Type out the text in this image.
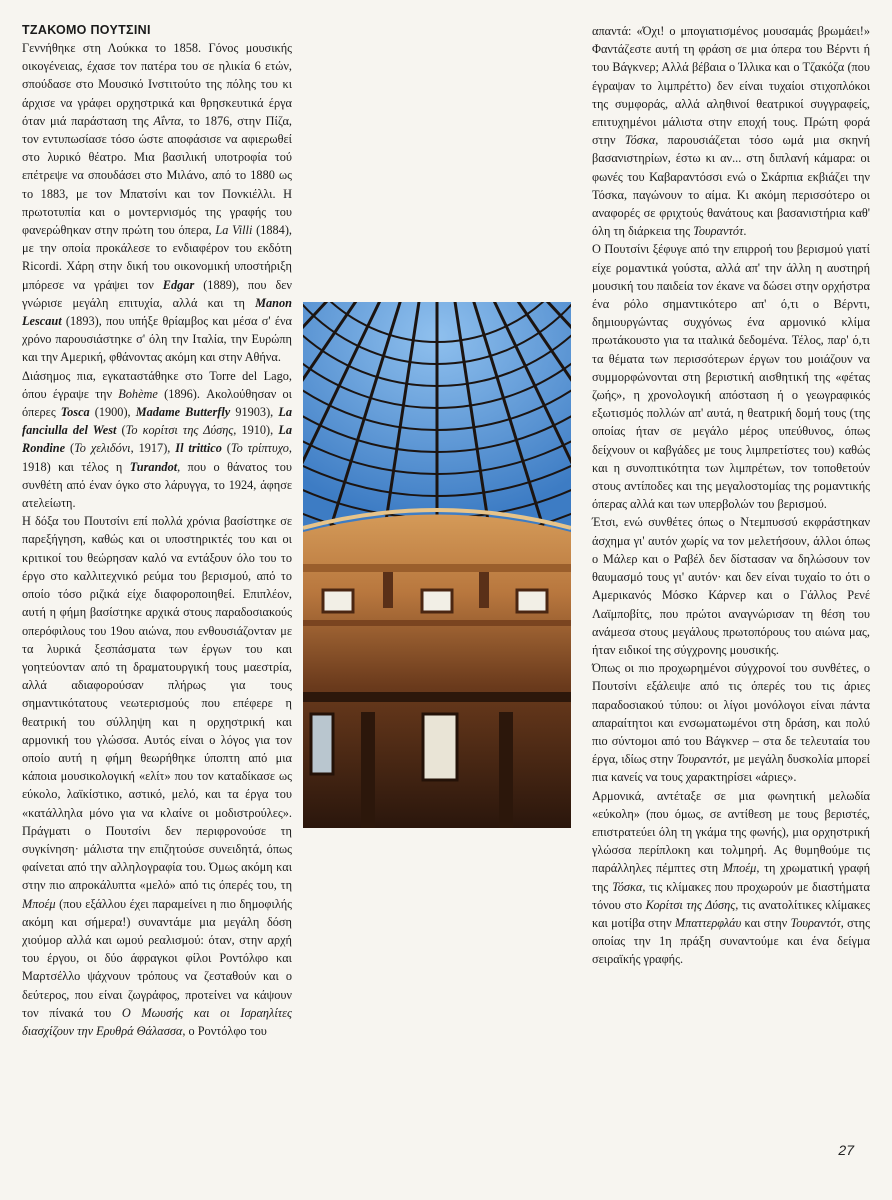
ΤΖΑΚΟΜΟ ΠΟΥΤΣΙΝΙ

Γεννήθηκε στη Λούκκα το 1858. Γόνος μουσικής οικογένειας, έχασε τον πατέρα του σε ηλικία 6 ετών, σπούδασε στο Μουσικό Ινστιτούτο της πόλης του κι άρχισε να γράφει ορχηστρικά και θρησκευτικά έργα όταν μιά παράσταση της Aΐντα, το 1876, στην Πίζα, τον εντυπωσίασε τόσο ώστε αποφάσισε να αφιερωθεί στο λυρικό θέατρο. Μια βασιλική υποτροφία τού επέτρεψε να σπουδάσει στο Μιλάνο, από το 1880 ως το 1883, με τον Μπατσίνι και τον Πονκιέλλι. Η πρωτοτυπία και ο μοντερνισμός της γραφής του φανερώθηκαν στην πρώτη του όπερα, La Villi (1884), με την οποία προκάλεσε το ενδιαφέρον του εκδότη Ricordi. Χάρη στην δική του οικονομική υποστήριξη μπόρεσε να γράψει τον Edgar (1889), που δεν γνώρισε μεγάλη επιτυχία, αλλά και τη Manon Lescaut (1893), που υπήξε θρίαμβος και μέσα σ' ένα χρόνο παρουσιάστηκε σ' όλη την Ιταλία, την Ευρώπη και την Αμερική, φθάνοντας ακόμη και στην Αθήνα.

Διάσημος πια, εγκαταστάθηκε στο Torre del Lago, όπου έγραψε την Bohème (1896). Ακολούθησαν οι όπερες Tosca (1900), Madame Butterfly 91903), La fanciulla del West (Το κορίτσι της Δύσης, 1910), La Rondine (Το χελιδόνι, 1917), Il trittico (Το τρίπτυχο, 1918) και τέλος η Turandot, που ο θάνατος του συνθέτη από έναν όγκο στο λάρυγγα, το 1924, άφησε ατελείωτη.

Η δόξα του Πουτσίνι επί πολλά χρόνια βασίστηκε σε παρεξήγηση, καθώς και οι υποστηρικτές του και οι κριτικοί του θεώρησαν καλό να εντάξουν όλο του το έργο στο καλλιτεχνικό ρεύμα του βερισμού, από το οποίο τόσο ριζικά είχε διαφοροποιηθεί. Επιπλέον, αυτή η φήμη βασίστηκε αρχικά στους παραδοσιακούς οπερόφιλους του 19ου αιώνα, που ενθουσιάζονταν με τα λυρικά ξεσπάσματα των έργων του και γοητεύονταν από τη δραματουργική τους μαεστρία, αλλά αδιαφορούσαν πλήρως για τους σημαντικότατους νεωτερισμούς που επέφερε η θεατρική του σύλληψη και η ορχηστρική και αρμονική του γλώσσα. Αυτός είναι ο λόγος για τον οποίο αυτή η φήμη θεωρήθηκε ύποπτη από μια κάποια μουσικολογική «ελίτ» που τον καταδίκασε ως εύκολο, λαϊκίστικο, αστικό, μελό, και τα έργα του «κατάλληλα μόνο για να κλαίνε οι μοδιστρούλες». Πράγματι ο Πουτσίνι δεν περιφρονούσε τη συγκίνηση· μάλιστα την επιζητούσε συνειδητά, όπως φαίνεται από την αλληλογραφία του. Όμως ακόμη και στην πιο απροκάλυπτα «μελό» από τις όπερές του, τη Μποέμ (που εξάλλου έχει παραμείνει η πιο δημοφιλής ακόμη και σήμερα!) συναντάμε μια μεγάλη δόση χιούμορ αλλά και ωμού ρεαλισμού: όταν, στην αρχή του έργου, οι δύο άφραγκοι φίλοι Ροντόλφο και Μαρτσέλλο ψάχνουν τρόπους να ζεσταθούν και ο δεύτερος, που είναι ζωγράφος, προτείνει να κάψουν τον πίνακά του Ο Μωυσής και οι Ισραηλίτες διασχίζουν την Ερυθρά Θάλασσα, ο Ροντόλφο του

απαντά: «Όχι! ο μπογιατισμένος μουσαμάς βρωμάει!» Φαντάζεστε αυτή τη φράση σε μια όπερα του Βέρντι ή του Βάγκνερ; Αλλά βέβαια ο Ίλλικα και ο Τζακόζα (που έγραψαν το λιμπρέττο) δεν είναι τυχαίοι στιχοπλόκοι της συμφοράς, αλλά αληθινοί θεατρικοί συγγραφείς, επιτυχημένοι μάλιστα στην εποχή τους. Πρώτη φορά στην Τόσκα, παρουσιάζεται τόσο ωμά μια σκηνή βασανιστηρίων, έστω κι αν... στη διπλανή κάμαρα: οι φωνές του Καβαραντόσσι ενώ ο Σκάρπια εκβιάζει την Τόσκα, παγώνουν το αίμα. Κι ακόμη περισσότερο οι αναφορές σε φριχτούς θανάτους και βασανιστήρια καθ' όλη τη διάρκεια της Τουραντότ.

Ο Πουτσίνι ξέφυγε από την επιρροή του βερισμού γιατί είχε ρομαντικά γούστα, αλλά απ' την άλλη η αυστηρή μουσική του παιδεία τον έκανε να δώσει στην ορχήστρα ένα ρόλο σημαντικότερο απ' ό,τι ο Βέρντι, δημιουργώντας συχγόνως ένα αρμονικό κλίμα πρωτάκουστο για τα ιταλικά δεδομένα. Τέλος, παρ' ό,τι τα θέματα των περισσότερων έργων του μοιάζουν να συμμορφώνονται στη βεριστική αισθητική της «φέτας ζωής», η χρονολογική απόσταση ή ο γεωγραφικός εξωτισμός πολλών απ' αυτά, η θεατρική δομή τους (της οποίας ήταν σε μεγάλο μέρος υπεύθυνος, όπως δείχνουν οι καβγάδες με τους λιμπρετίστες του) καθώς και η συνοπτικότητα των λιμπρέτων, τον τοποθετούν στους αντίποδες και της μεγαλοστομίας της ρομαντικής όπερας αλλά και των υπερβολών του βερισμού.

Έτσι, ενώ συνθέτες όπως ο Ντεμπυσσύ εκφράστηκαν άσχημα γι' αυτόν χωρίς να τον μελετήσουν, άλλοι όπως ο Μάλερ και ο Ραβέλ δεν δίστασαν να δηλώσουν τον θαυμασμό τους γι' αυτόν· και δεν είναι τυχαίο το ότι ο Αμερικανός Μόσκο Κάρνερ και ο Γάλλος Ρενέ Λαϊμποβίτς, που πρώτοι αναγνώρισαν τη θέση του ανάμεσα στους μεγάλους πρωτοπόρους του αιώνα μας, ήταν ειδικοί της σύγχρονης μουσικής.

Όπως οι πιο προχωρημένοι σύγχρονοί του συνθέτες, ο Πουτσίνι εξάλειψε από τις όπερές του τις άριες παραδοσιακού τύπου: οι λίγοι μονόλογοι είναι πάντα απαραίτητοι και ενσωματωμένοι στη δράση, και πολύ πιο σύντομοι από του Βάγκνερ – στα δε τελευταία του έργα, ιδίως στην Τουραντότ, με μεγάλη δυσκολία μπορεί πια κανείς να τους χαρακτηρίσει «άριες».

Αρμονικά, αντέταξε σε μια φωνητική μελωδία «εύκολη» (που όμως, σε αντίθεση με τους βεριστές, επιστρατεύει όλη τη γκάμα της φωνής), μια ορχηστρική γλώσσα περίπλοκη και τολμηρή. Ας θυμηθούμε τις παράλληλες πέμπτες στη Μποέμ, τη χρωματική γραφή της Τόσκα, τις κλίμακες που προχωρούν με διαστήματα τόνου στο Κορίτσι της Δύσης, τις ανατολίτικες κλίμακες και μοτίβα στην Μπαττερφλάυ και στην Τουραντότ, στης οποίας την 1η πράξη συναντούμε και ένα δείγμα σειραϊκής γραφής.

27
